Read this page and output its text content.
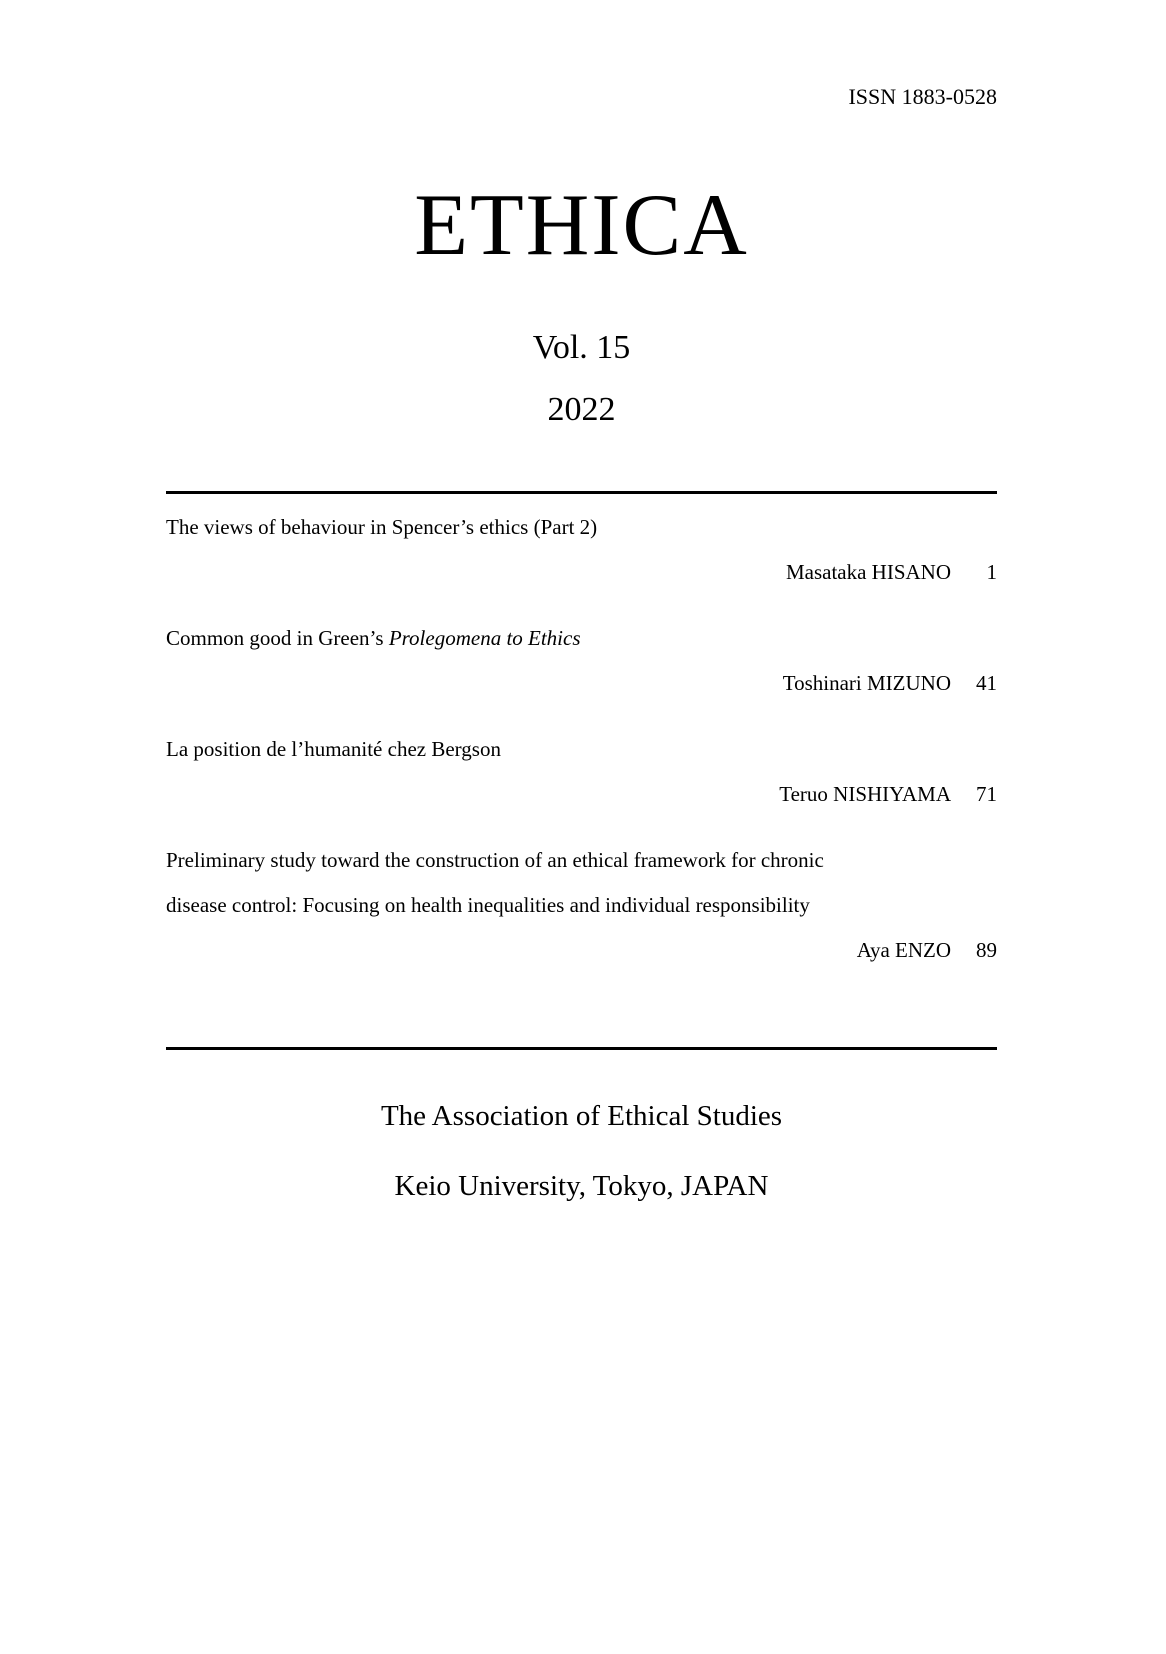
ISSN 1883-0528
ETHICA
Vol. 15
2022
The views of behaviour in Spencer’s ethics (Part 2)
Masataka HISANO	1
Common good in Green’s Prolegomena to Ethics
Toshinari MIZUNO	41
La position de l’humanité chez Bergson
Teruo NISHIYAMA	71
Preliminary study toward the construction of an ethical framework for chronic
disease control: Focusing on health inequalities and individual responsibility
Aya ENZO	89
The Association of Ethical Studies
Keio University, Tokyo, JAPAN
